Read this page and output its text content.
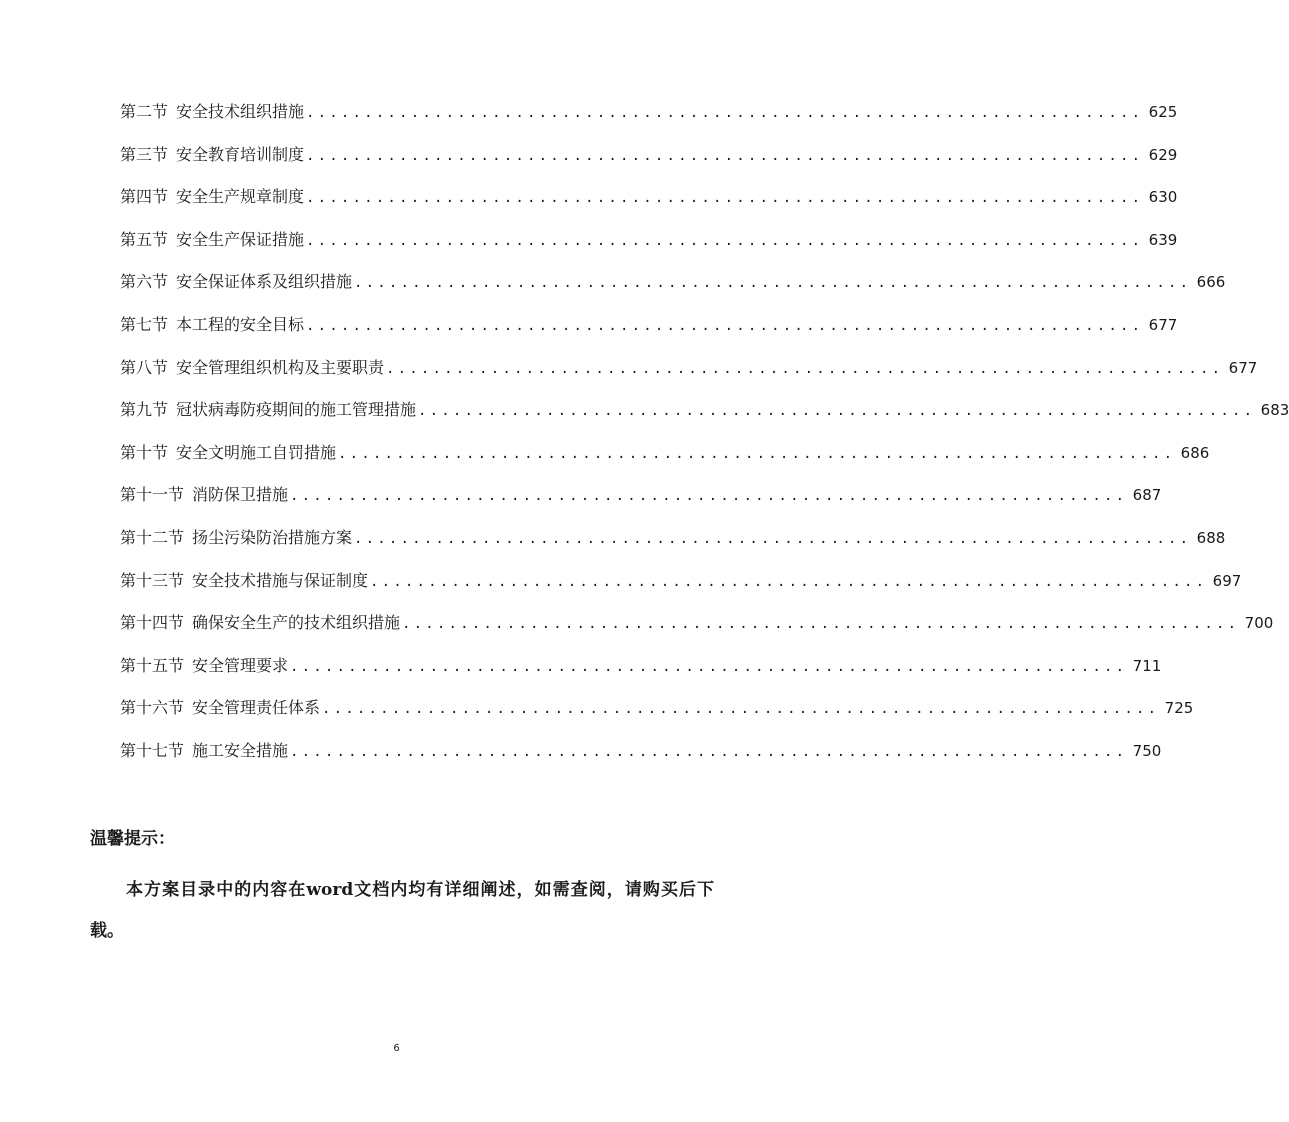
第二节 安全技术组织措施 ........................................................................ 625
第三节 安全教育培训制度 ........................................................................ 629
第四节 安全生产规章制度 ........................................................................ 630
第五节 安全生产保证措施 ........................................................................ 639
第六节 安全保证体系及组织措施 ........................................................................ 666
第七节 本工程的安全目标 ........................................................................ 677
第八节 安全管理组织机构及主要职责 ........................................................................ 677
第九节 冠状病毒防疫期间的施工管理措施 ........................................................................ 683
第十节 安全文明施工自罚措施 ........................................................................ 686
第十一节 消防保卫措施 ........................................................................ 687
第十二节 扬尘污染防治措施方案 ........................................................................ 688
第十三节 安全技术措施与保证制度 ........................................................................ 697
第十四节 确保安全生产的技术组织措施 ........................................................................ 700
第十五节 安全管理要求 ........................................................................ 711
第十六节 安全管理责任体系 ........................................................................ 725
第十七节 施工安全措施 ........................................................................ 750

温馨提示：

本方案目录中的内容在word文档内均有详细阐述，如需查阅，请购买后下载。

6
